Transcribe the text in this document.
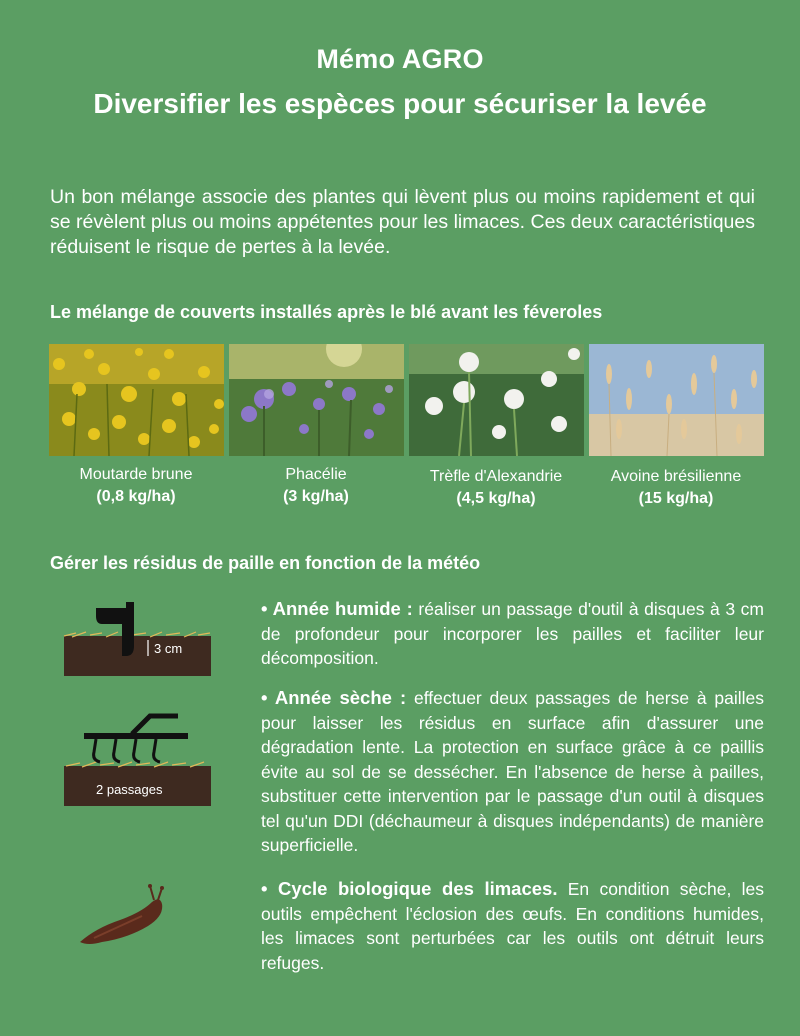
Mémo AGRO
Diversifier les espèces pour sécuriser la levée
Un bon mélange associe des plantes qui lèvent plus ou moins rapidement et qui se révèlent plus ou moins appétentes pour les limaces. Ces deux caractéristiques réduisent le risque de pertes à la levée.
Le mélange de couverts installés après le blé avant les féveroles
Moutarde brune
(0,8 kg/ha)
Phacélie
(3 kg/ha)
Trèfle d'Alexandrie
(4,5 kg/ha)
Avoine brésilienne
(15 kg/ha)
Gérer les résidus de paille en fonction de la météo
3 cm
2 passages
• Année humide : réaliser un passage d'outil à disques à 3 cm de profondeur pour incorporer les pailles et faciliter leur décomposition.
• Année sèche : effectuer deux passages de herse à pailles pour laisser les résidus en surface afin d'assurer une dégradation lente. La protection en surface grâce à ce paillis évite au sol de se dessécher. En l'absence de herse à pailles, substituer cette intervention par le passage d'un outil à disques tel qu'un DDI (déchaumeur à disques indépendants) de manière superficielle.
• Cycle biologique des limaces. En condition sèche, les outils empêchent l'éclosion des œufs. En conditions humides, les limaces sont perturbées car les outils ont détruit leurs refuges.
